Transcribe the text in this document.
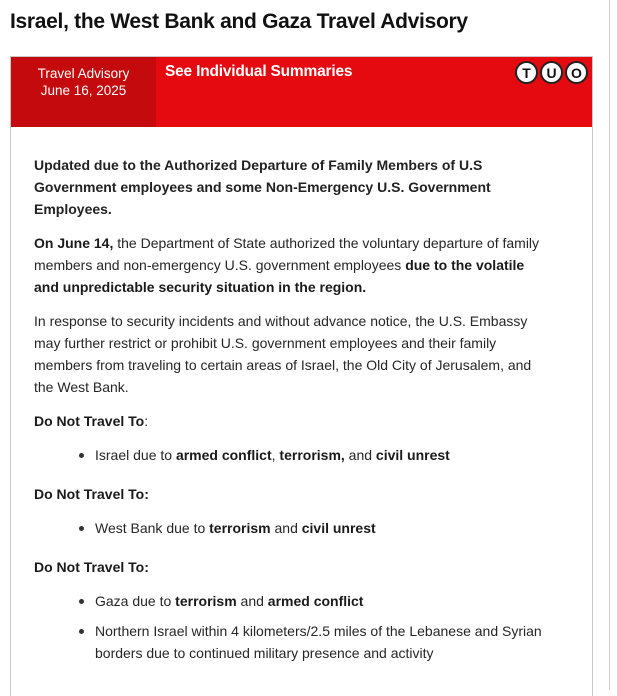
Israel, the West Bank and Gaza Travel Advisory
Travel Advisory
June 16, 2025
See Individual Summaries	T	U	O

Updated due to the Authorized Departure of Family Members of U.S Government employees and some Non-Emergency U.S. Government Employees.

On June 14, the Department of State authorized the voluntary departure of family members and non-emergency U.S. government employees due to the volatile and unpredictable security situation in the region.

In response to security incidents and without advance notice, the U.S. Embassy may further restrict or prohibit U.S. government employees and their family members from traveling to certain areas of Israel, the Old City of Jerusalem, and the West Bank.

Do Not Travel To:

Israel due to armed conflict, terrorism, and civil unrest

Do Not Travel To:

West Bank due to terrorism and civil unrest

Do Not Travel To:

Gaza due to terrorism and armed conflict
Northern Israel within 4 kilometers/2.5 miles of the Lebanese and Syrian borders due to continued military presence and activity
